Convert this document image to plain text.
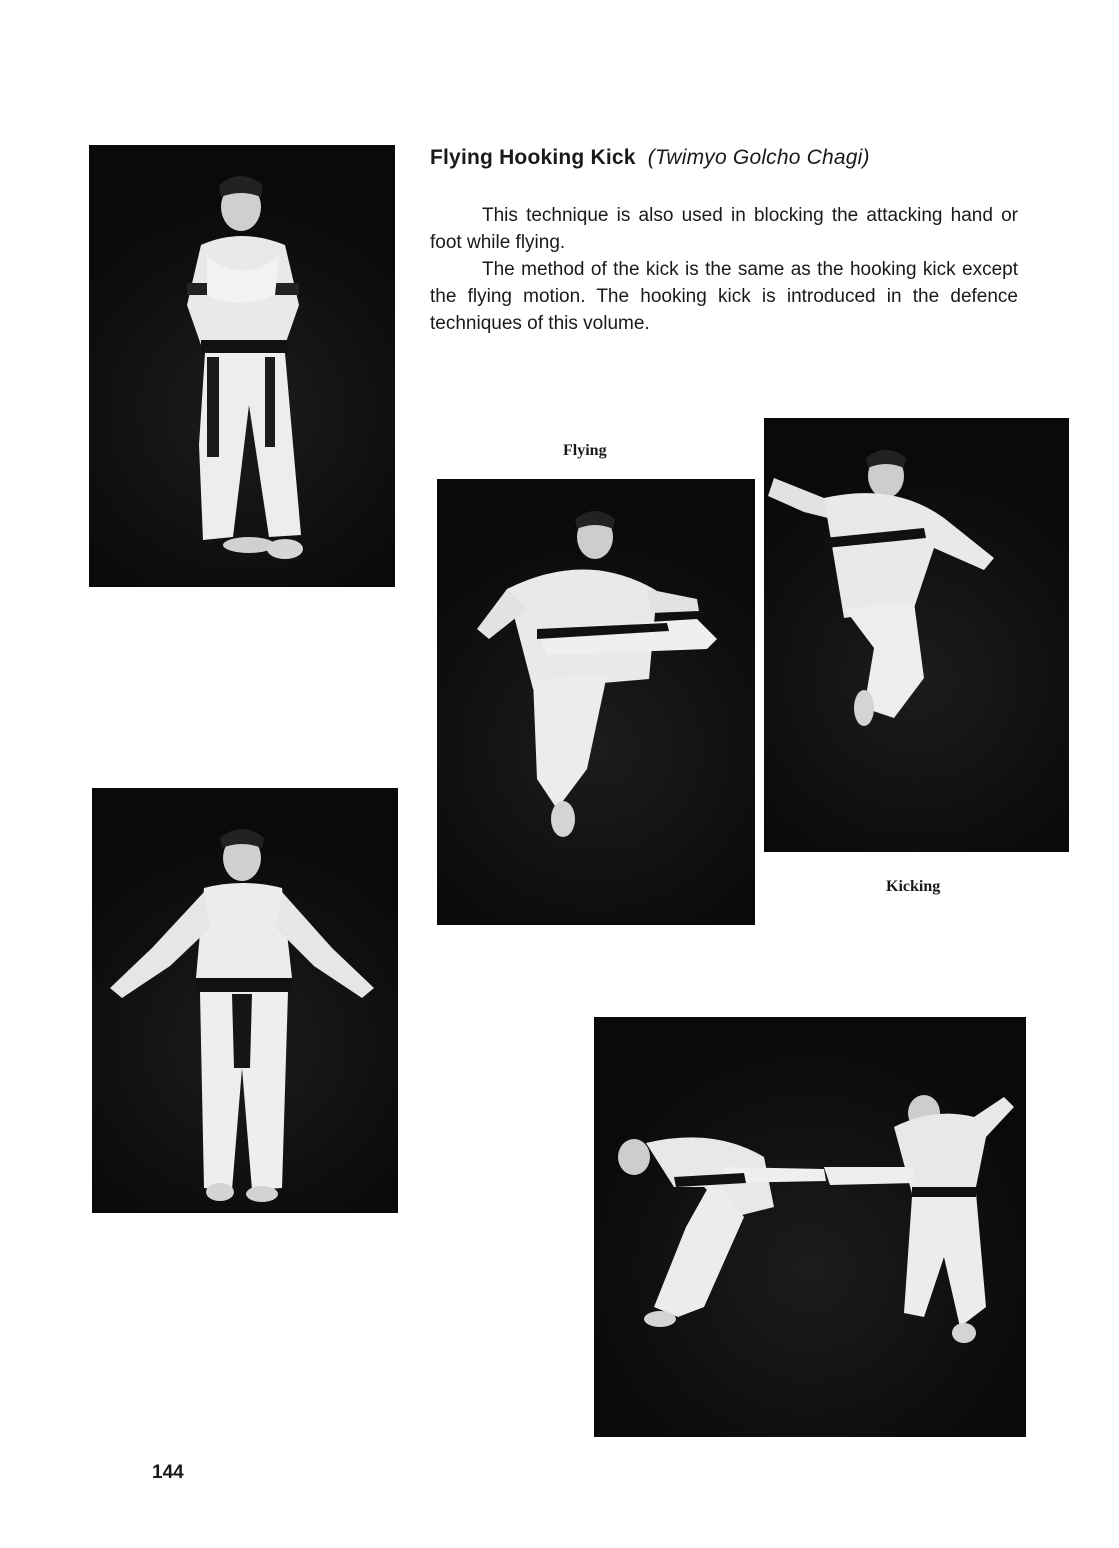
Flying Hooking Kick (Twimyo Golcho Chagi)

This technique is also used in blocking the attacking hand or foot while flying.

The method of the kick is the same as the hooking kick except the flying motion. The hooking kick is introduced in the defence techniques of this volume.

Flying
Kicking
144
